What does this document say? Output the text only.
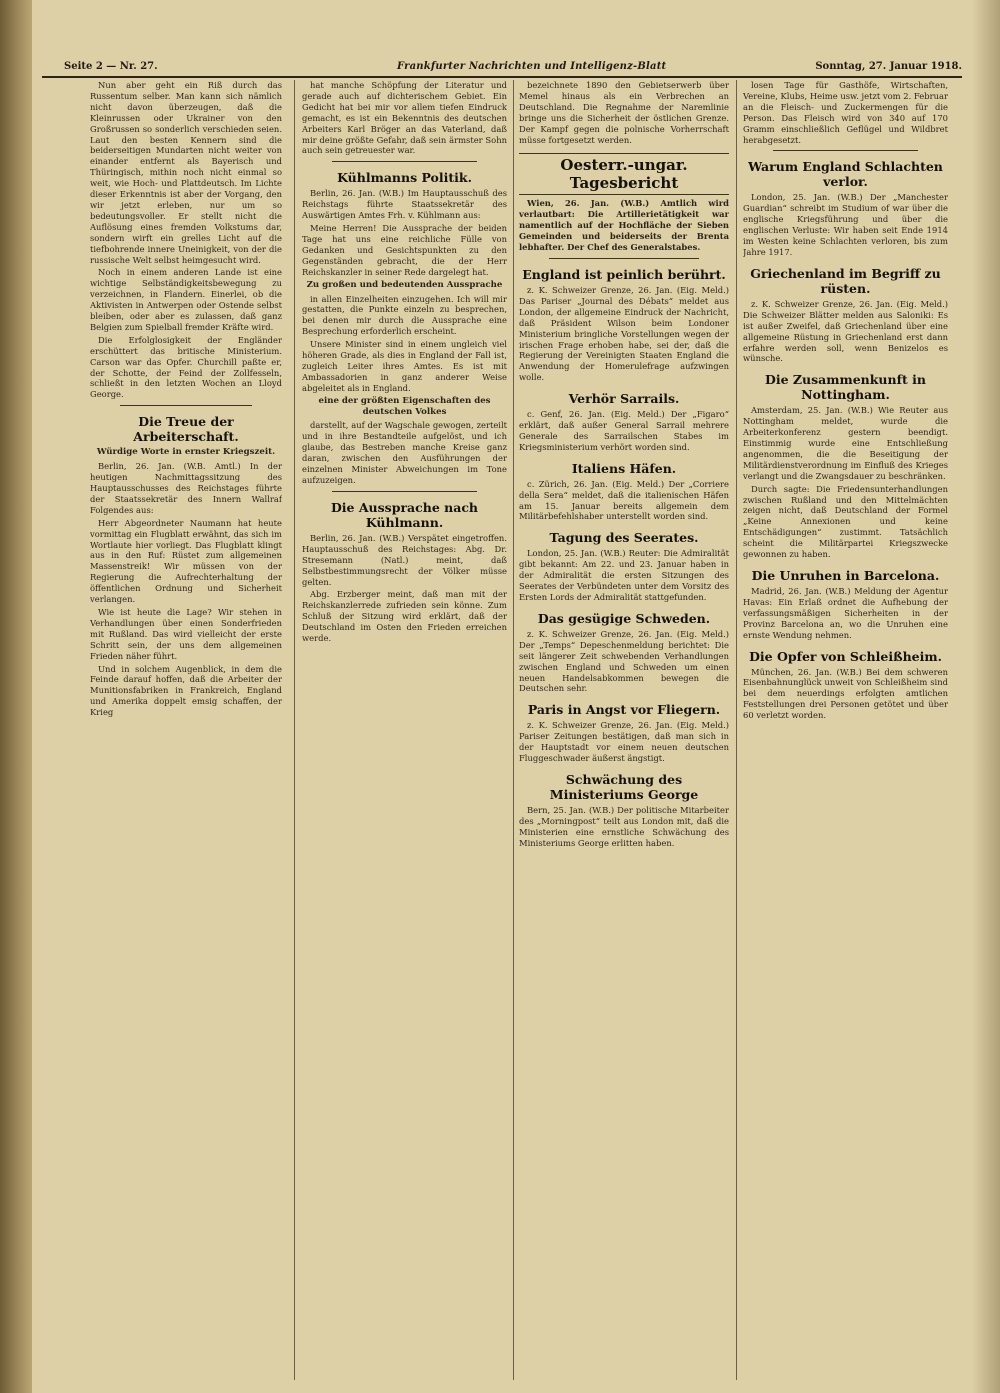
Seite 2 — Nr. 27.	Frankfurter Nachrichten und Intelligenz-Blatt	Sonntag, 27. Januar 1918.

Nun aber geht ein Riß durch das Russentum selber. Man kann sich nämlich nicht davon überzeugen, daß die Kleinrussen oder Ukrainer von den Großrussen so sonderlich verschieden seien. Laut den besten Kennern sind die beiderseitigen Mundarten nicht weiter von einander entfernt als Bayerisch und Thüringisch, mithin noch nicht einmal so weit, wie Hoch- und Plattdeutsch. Im Lichte dieser Erkenntnis ist aber der Vorgang, den wir jetzt erleben, nur um so bedeutungsvoller. Er stellt nicht die Auflösung eines fremden Volkstums dar, sondern wirft ein grelles Licht auf die tiefbohrende innere Uneinigkeit, von der die russische Welt selbst heimgesucht wird.

Noch in einem anderen Lande ist eine wichtige Selbständigkeitsbewegung zu verzeichnen, in Flandern. Einerlei, ob die Aktivisten in Antwerpen oder Ostende selbst bleiben, oder aber es zulassen, daß ganz Belgien zum Spielball fremder Kräfte wird.

Die Erfolglosigkeit der Engländer erschüttert das britische Ministerium. Carson war das Opfer. Churchill paßte er, der Schotte, der Feind der Zollfesseln, schließt in den letzten Wochen an Lloyd George.

Die Treue der Arbeiterschaft.
Würdige Worte in ernster Kriegszeit.

Berlin, 26. Jan. (W.B. Amtl.) In der heutigen Nachmittagssitzung des Hauptausschusses des Reichstages führte der Staatssekretär des Innern Wallraf Folgendes aus:

Herr Abgeordneter Naumann hat heute vormittag ein Flugblatt erwähnt, das sich im Wortlaute hier vorliegt. Das Flugblatt klingt aus in den Ruf: Rüstet zum allgemeinen Massenstreik! Wir müssen von der Regierung die Aufrechterhaltung der öffentlichen Ordnung und Sicherheit verlangen.

Wie ist heute die Lage? Wir stehen in Verhandlungen über einen Sonderfrieden mit Rußland. Das wird vielleicht der erste Schritt sein, der uns dem allgemeinen Frieden näher führt.

Und in solchem Augenblick, in dem die Feinde darauf hoffen, daß die Arbeiter der Munitionsfabriken in Frankreich, England und Amerika doppelt emsig schaffen, der Krieg

hat manche Schöpfung der Literatur und gerade auch auf dichterischem Gebiet. Ein Gedicht hat bei mir vor allem tiefen Eindruck gemacht, es ist ein Bekenntnis des deutschen Arbeiters Karl Bröger an das Vaterland, daß mir deine größte Gefahr, daß sein ärmster Sohn auch sein getreuester war.

Kühlmanns Politik.

Berlin, 26. Jan. (W.B.) Im Hauptausschuß des Reichstags führte Staatssekretär des Auswärtigen Amtes Frh. v. Kühlmann aus:

Meine Herren! Die Aussprache der beiden Tage hat uns eine reichliche Fülle von Gedanken und Gesichtspunkten zu den Gegenständen gebracht, die der Herr Reichskanzler in seiner Rede dargelegt hat.

Zu großen und bedeutenden Aussprache

in allen Einzelheiten einzugehen. Ich will mir gestatten, die Punkte einzeln zu besprechen, bei denen mir durch die Aussprache eine Besprechung erforderlich erscheint.

Unsere Minister sind in einem ungleich viel höheren Grade, als dies in England der Fall ist, zugleich Leiter ihres Amtes. Es ist mit Ambassadorien in ganz anderer Weise abgeleitet als in England.

eine der größten Eigenschaften des deutschen Volkes

darstellt, auf der Wagschale gewogen, zerteilt und in ihre Bestandteile aufgelöst, und ich glaube, das Bestreben manche Kreise ganz daran, zwischen den Ausführungen der einzelnen Minister Abweichungen im Tone aufzuzeigen.

Die Aussprache nach Kühlmann.

Berlin, 26. Jan. (W.B.) Verspätet eingetroffen. Hauptausschuß des Reichstages: Abg. Dr. Stresemann (Natl.) meint, daß Selbstbestimmungsrecht der Völker müsse gelten.

Abg. Erzberger meint, daß man mit der Reichskanzlerrede zufrieden sein könne. Zum Schluß der Sitzung wird erklärt, daß der Deutschland im Osten den Frieden erreichen werde.

bezeichnete 1890 den Gebietserwerb über Memel hinaus als ein Verbrechen an Deutschland. Die Regnahme der Naremlinie bringe uns die Sicherheit der östlichen Grenze. Der Kampf gegen die polnische Vorherrschaft müsse fortgesetzt werden.

Oesterr.-ungar. Tagesbericht

Wien, 26. Jan. (W.B.) Amtlich wird verlautbart: Die Artillerietätigkeit war namentlich auf der Hochfläche der Sieben Gemeinden und beiderseits der Brenta lebhafter. Der Chef des Generalstabes.

England ist peinlich berührt.

z. K. Schweizer Grenze, 26. Jan. (Eig. Meld.) Das Pariser „Journal des Débats“ meldet aus London, der allgemeine Eindruck der Nachricht, daß Präsident Wilson beim Londoner Ministerium bringliche Vorstellungen wegen der irischen Frage erhoben habe, sei der, daß die Regierung der Vereinigten Staaten England die Anwendung der Homerulefrage aufzwingen wolle.

Verhör Sarrails.

c. Genf, 26. Jan. (Eig. Meld.) Der „Figaro“ erklärt, daß außer General Sarrail mehrere Generale des Sarrailschen Stabes im Kriegsministerium verhört worden sind.

Italiens Häfen.

c. Zürich, 26. Jan. (Eig. Meld.) Der „Corriere della Sera“ meldet, daß die italienischen Häfen am 15. Januar bereits allgemein dem Militärbefehlshaber unterstellt worden sind.

Tagung des Seerates.

London, 25. Jan. (W.B.) Reuter: Die Admiralität gibt bekannt: Am 22. und 23. Januar haben in der Admiralität die ersten Sitzungen des Seerates der Verbündeten unter dem Vorsitz des Ersten Lords der Admiralität stattgefunden.

Das gesügige Schweden.

z. K. Schweizer Grenze, 26. Jan. (Eig. Meld.) Der „Temps“ Depeschenmeldung berichtet: Die seit längerer Zeit schwebenden Verhandlungen zwischen England und Schweden um einen neuen Handelsabkommen bewegen die Deutschen sehr.

Paris in Angst vor Fliegern.

z. K. Schweizer Grenze, 26. Jan. (Eig. Meld.) Pariser Zeitungen bestätigen, daß man sich in der Hauptstadt vor einem neuen deutschen Fluggeschwader äußerst ängstigt.

Schwächung des Ministeriums George

Bern, 25. Jan. (W.B.) Der politische Mitarbeiter des „Morningpost“ teilt aus London mit, daß die Ministerien eine ernstliche Schwächung des Ministeriums George erlitten haben.

losen Tage für Gasthöfe, Wirtschaften, Vereine, Klubs, Heime usw. jetzt vom 2. Februar an die Fleisch- und Zuckermengen für die Person. Das Fleisch wird von 340 auf 170 Gramm einschließlich Geflügel und Wildbret herabgesetzt.

Warum England Schlachten verlor.

London, 25. Jan. (W.B.) Der „Manchester Guardian“ schreibt im Studium of war über die englische Kriegsführung und über die englischen Verluste: Wir haben seit Ende 1914 im Westen keine Schlachten verloren, bis zum Jahre 1917.

Griechenland im Begriff zu rüsten.

z. K. Schweizer Grenze, 26. Jan. (Eig. Meld.) Die Schweizer Blätter melden aus Saloniki: Es ist außer Zweifel, daß Griechenland über eine allgemeine Rüstung in Griechenland erst dann erfahre werden soll, wenn Benizelos es wünsche.

Die Zusammenkunft in Nottingham.

Amsterdam, 25. Jan. (W.B.) Wie Reuter aus Nottingham meldet, wurde die Arbeiterkonferenz gestern beendigt. Einstimmig wurde eine Entschließung angenommen, die die Beseitigung der Militärdienstverordnung im Einfluß des Krieges verlangt und die Zwangsdauer zu beschränken.

Durch sagte: Die Friedensunterhandlungen zwischen Rußland und den Mittelmächten zeigen nicht, daß Deutschland der Formel „Keine Annexionen und keine Entschädigungen“ zustimmt. Tatsächlich scheint die Militärpartei Kriegszwecke gewonnen zu haben.

Die Unruhen in Barcelona.

Madrid, 26. Jan. (W.B.) Meldung der Agentur Havas: Ein Erlaß ordnet die Aufhebung der verfassungsmäßigen Sicherheiten in der Provinz Barcelona an, wo die Unruhen eine ernste Wendung nehmen.

Die Opfer von Schleißheim.

München, 26. Jan. (W.B.) Bei dem schweren Eisenbahnunglück unweit von Schleißheim sind bei dem neuerdings erfolgten amtlichen Feststellungen drei Personen getötet und über 60 verletzt worden.
